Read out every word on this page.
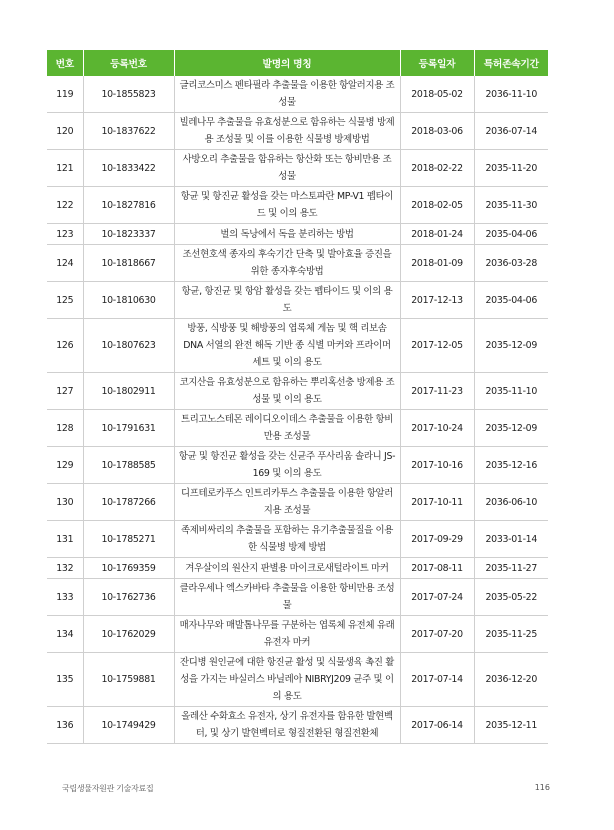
번호	등록번호	발명의 명칭	등록일자	특허존속기간
119	10-1855823	글리코스미스 펜타필라 추출물을 이용한 항알러지용 조성물	2018-05-02	2036-11-10
120	10-1837622	빌레나무 추출물을 유효성분으로 함유하는 식물병 방제용 조성물 및 이를 이용한 식물병 방제방법	2018-03-06	2036-07-14
121	10-1833422	사방오리 추출물을 함유하는 항산화 또는 항비만용 조성물	2018-02-22	2035-11-20
122	10-1827816	항균 및 항진균 활성을 갖는 마스토파란 MP-V1 펩타이드 및 이의 용도	2018-02-05	2035-11-30
123	10-1823337	벌의 독낭에서 독을 분리하는 방법	2018-01-24	2035-04-06
124	10-1818667	조선현호색 종자의 후숙기간 단축 및 발아효율 증진을 위한 종자후숙방법	2018-01-09	2036-03-28
125	10-1810630	항균, 항진균 및 항암 활성을 갖는 펩타이드 및 이의 용도	2017-12-13	2035-04-06
126	10-1807623	방풍, 식방풍 및 해방풍의 엽록체 게놈 및 핵 리보솜 DNA 서열의 완전 해독 기반 종 식별 마커와 프라이머 세트 및 이의 용도	2017-12-05	2035-12-09
127	10-1802911	코지산을 유효성분으로 함유하는 뿌리혹선충 방제용 조성물 및 이의 용도	2017-11-23	2035-11-10
128	10-1791631	트리고노스테몬 레이디오이데스 추출물을 이용한 항비만용 조성물	2017-10-24	2035-12-09
129	10-1788585	항균 및 항진균 활성을 갖는 신균주 푸사리움 솔라니 JS-169 및 이의 용도	2017-10-16	2035-12-16
130	10-1787266	디프테로카푸스 인트리카투스 추출물을 이용한 항알러지용 조성물	2017-10-11	2036-06-10
131	10-1785271	족제비싸리의 추출물을 포함하는 유기추출물질을 이용한 식물병 방제 방법	2017-09-29	2033-01-14
132	10-1769359	겨우살이의 원산지 판별용 마이크로새털라이트 마커	2017-08-11	2035-11-27
133	10-1762736	클라우세나 엑스카바타 추출물을 이용한 항비만용 조성물	2017-07-24	2035-05-22
134	10-1762029	매자나무와 매발톱나무를 구분하는 엽록체 유전체 유래 유전자 마커	2017-07-20	2035-11-25
135	10-1759881	잔디병 원인균에 대한 항진균 활성 및 식물생육 촉진 활성을 가지는 바실러스 바닐레아 NIBRYJ209 균주 및 이의 용도	2017-07-14	2036-12-20
136	10-1749429	올레산 수화효소 유전자, 상기 유전자를 함유한 발현벡터, 및 상기 발현벡터로 형질전환된 형질전환체	2017-06-14	2035-12-11
국립생물자원관 기술자료집	116
